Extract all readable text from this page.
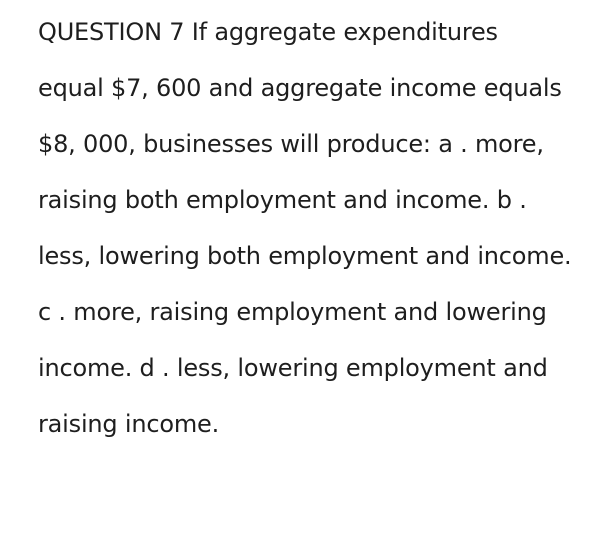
QUESTION 7 If aggregate expenditures
equal $7, 600 and aggregate income equals
$8, 000, businesses will produce: a . more,
raising both employment and income. b .
less, lowering both employment and income.
c . more, raising employment and lowering
income. d . less, lowering employment and
raising income.
